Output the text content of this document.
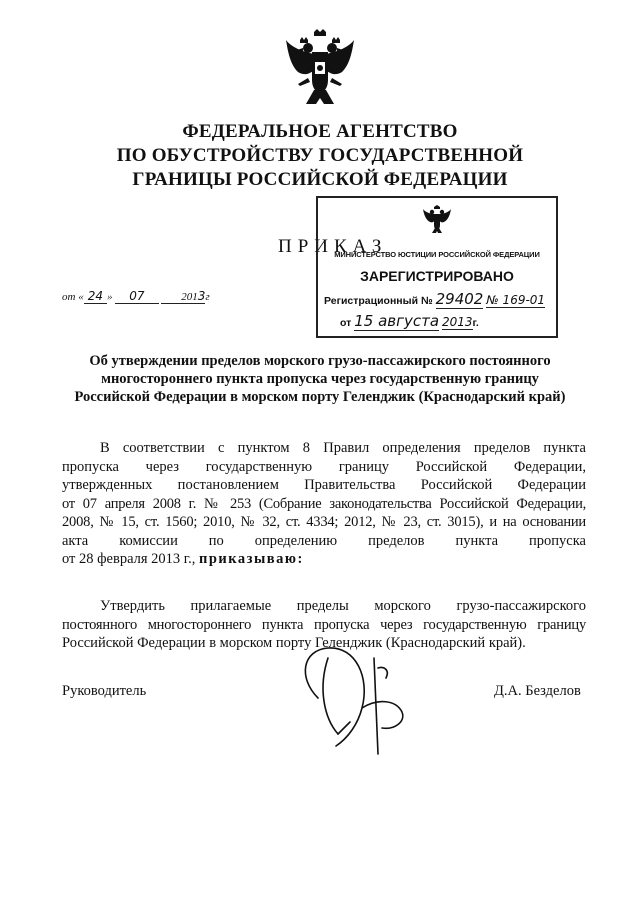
ФЕДЕРАЛЬНОЕ АГЕНТСТВО
ПО ОБУСТРОЙСТВУ ГОСУДАРСТВЕННОЙ
ГРАНИЦЫ РОССИЙСКОЙ ФЕДЕРАЦИИ
ПРИКАЗ
от « 24 » 07	2013г
МИНИСТЕРСТВО ЮСТИЦИИ РОССИЙСКОЙ ФЕДЕРАЦИИ
ЗАРЕГИСТРИРОВАНО
Регистрационный № 29402 № 169-01
от 15 августа 2013г.
Об утверждении пределов морского грузо-пассажирского постоянного
многостороннего пункта пропуска через государственную границу
Российской Федерации в морском порту Геленджик (Краснодарский край)
В соответствии с пунктом 8 Правил определения пределов пункта
пропуска через государственную границу Российской Федерации,
утвержденных постановлением Правительства Российской Федерации
от 07 апреля 2008 г. № 253 (Собрание законодательства Российской Федерации,
2008, № 15, ст. 1560; 2010, № 32, ст. 4334; 2012, № 23, ст. 3015), и на основании
акта комиссии по определению пределов пункта пропуска
от 28 февраля 2013 г., приказываю:
Утвердить прилагаемые пределы морского грузо-пассажирского
постоянного многостороннего пункта пропуска через государственную границу
Российской Федерации в морском порту Геленджик (Краснодарский край).
Руководитель	Д.А. Безделов
